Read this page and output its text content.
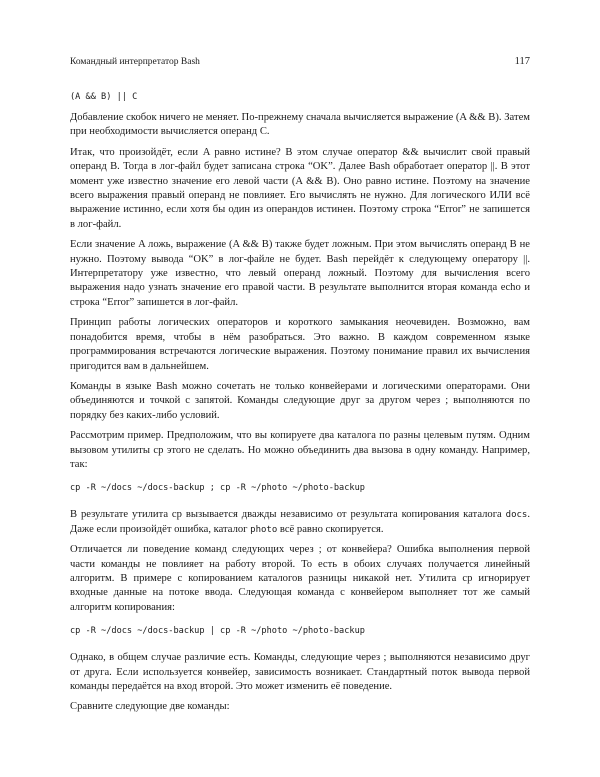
Командный интерпретатор Bash	117
(A && B) || C

Добавление скобок ничего не меняет. По-прежнему сначала вычисляется выражение (A && B). Затем при необходимости вычисляется операнд C.

Итак, что произойдёт, если A равно истине? В этом случае оператор && вычислит свой правый операнд B. Тогда в лог-файл будет записана строка “OK”. Далее Bash обработает оператор ||. В этот момент уже известно значение его левой части (A && B). Оно равно истине. Поэтому на значение всего выражения правый операнд не повлияет. Его вычислять не нужно. Для логического ИЛИ всё выражение истинно, если хотя бы один из операндов истинен. Поэтому строка “Error” не запишется в лог-файл.

Если значение A ложь, выражение (A && B) также будет ложным. При этом вычислять операнд B не нужно. Поэтому вывода “OK” в лог-файле не будет. Bash перейдёт к следующему оператору ||. Интерпретатору уже известно, что левый операнд ложный. Поэтому для вычисления всего выражения надо узнать значение его правой части. В результате выполнится вторая команда echo и строка “Error” запишется в лог-файл.

Принцип работы логических операторов и короткого замыкания неочевиден. Возможно, вам понадобится время, чтобы в нём разобраться. Это важно. В каждом современном языке программирования встречаются логические выражения. Поэтому понимание правил их вычисления пригодится вам в дальнейшем.

Команды в языке Bash можно сочетать не только конвейерами и логическими операторами. Они объединяются и точкой с запятой. Команды следующие друг за другом через ; выполняются по порядку без каких-либо условий.

Рассмотрим пример. Предположим, что вы копируете два каталога по разны целевым путям. Одним вызовом утилиты cp этого не сделать. Но можно объединить два вызова в одну команду. Например, так:

cp -R ~/docs ~/docs-backup ; cp -R ~/photo ~/photo-backup

В результате утилита cp вызывается дважды независимо от результата копирования каталога docs. Даже если произойдёт ошибка, каталог photo всё равно скопируется.

Отличается ли поведение команд следующих через ; от конвейера? Ошибка выполнения первой части команды не повлияет на работу второй. То есть в обоих случаях получается линейный алгоритм. В примере с копированием каталогов разницы никакой нет. Утилита cp игнорирует входные данные на потоке ввода. Следующая команда с конвейером выполняет тот же самый алгоритм копирования:

cp -R ~/docs ~/docs-backup | cp -R ~/photo ~/photo-backup

Однако, в общем случае различие есть. Команды, следующие через ; выполняются независимо друг от друга. Если используется конвейер, зависимость возникает. Стандартный поток вывода первой команды передаётся на вход второй. Это может изменить её поведение.

Сравните следующие две команды:
